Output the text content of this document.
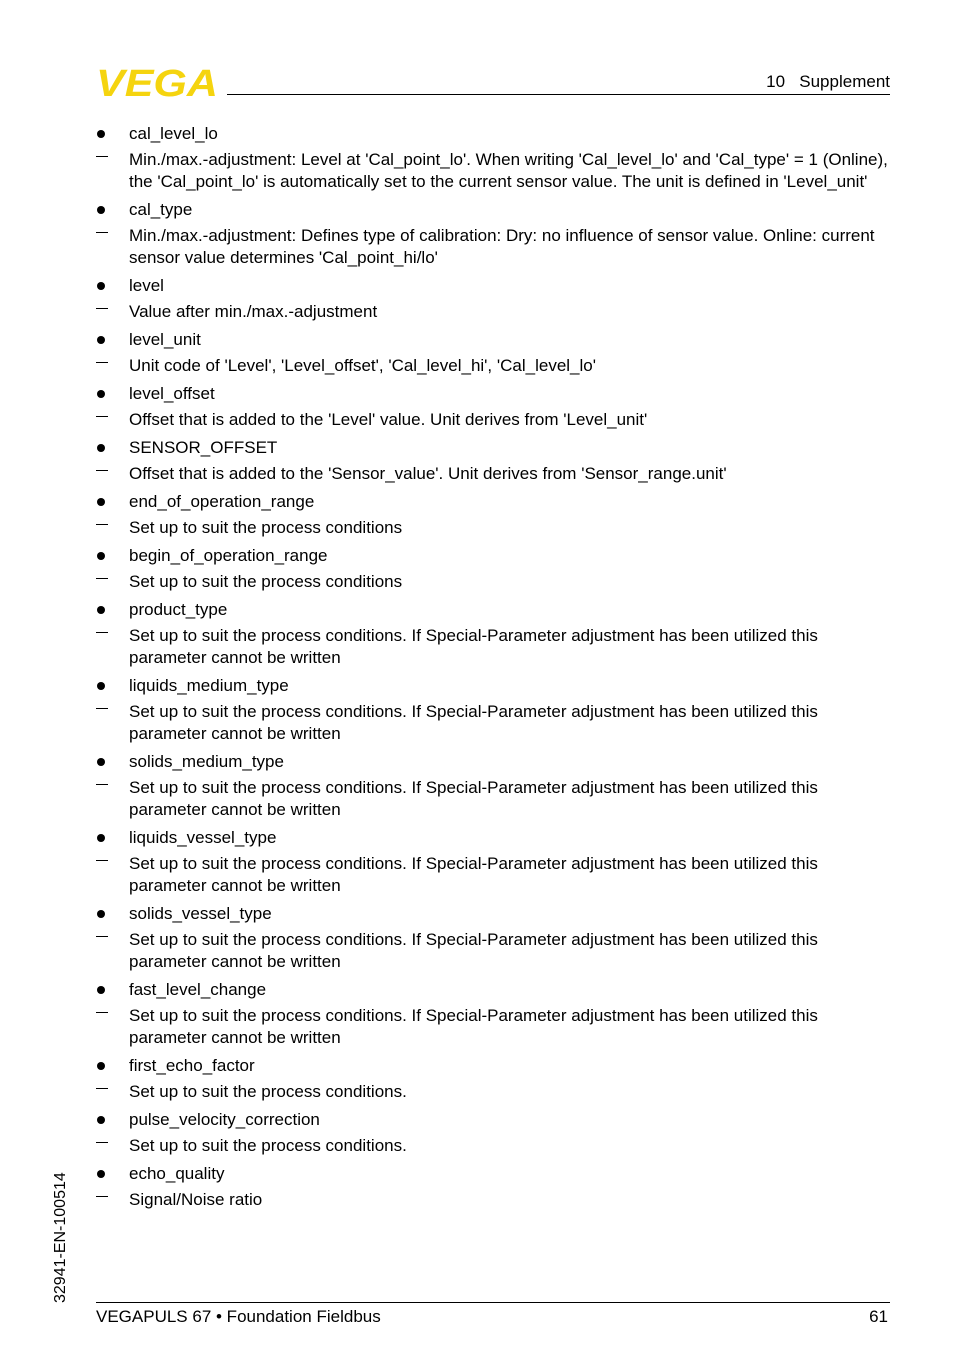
VEGA	10 Supplement
cal_level_lo
Min./max.-adjustment: Level at 'Cal_point_lo'. When writing 'Cal_level_lo' and 'Cal_type' = 1 (Online), the 'Cal_point_lo' is automatically set to the current sensor value. The unit is defined in 'Level_unit'
cal_type
Min./max.-adjustment: Defines type of calibration: Dry: no influence of sensor value. Online: current sensor value determines 'Cal_point_hi/lo'
level
Value after min./max.-adjustment
level_unit
Unit code of 'Level', 'Level_offset', 'Cal_level_hi', 'Cal_level_lo'
level_offset
Offset that is added to the 'Level' value. Unit derives from 'Level_unit'
SENSOR_OFFSET
Offset that is added to the 'Sensor_value'. Unit derives from 'Sensor_range.unit'
end_of_operation_range
Set up to suit the process conditions
begin_of_operation_range
Set up to suit the process conditions
product_type
Set up to suit the process conditions. If Special-Parameter adjustment has been utilized this parameter cannot be written
liquids_medium_type
Set up to suit the process conditions. If Special-Parameter adjustment has been utilized this parameter cannot be written
solids_medium_type
Set up to suit the process conditions. If Special-Parameter adjustment has been utilized this parameter cannot be written
liquids_vessel_type
Set up to suit the process conditions. If Special-Parameter adjustment has been utilized this parameter cannot be written
solids_vessel_type
Set up to suit the process conditions. If Special-Parameter adjustment has been utilized this parameter cannot be written
fast_level_change
Set up to suit the process conditions. If Special-Parameter adjustment has been utilized this parameter cannot be written
first_echo_factor
Set up to suit the process conditions.
pulse_velocity_correction
Set up to suit the process conditions.
echo_quality
Signal/Noise ratio
32941-EN-100514
VEGAPULS 67 • Foundation Fieldbus	61
